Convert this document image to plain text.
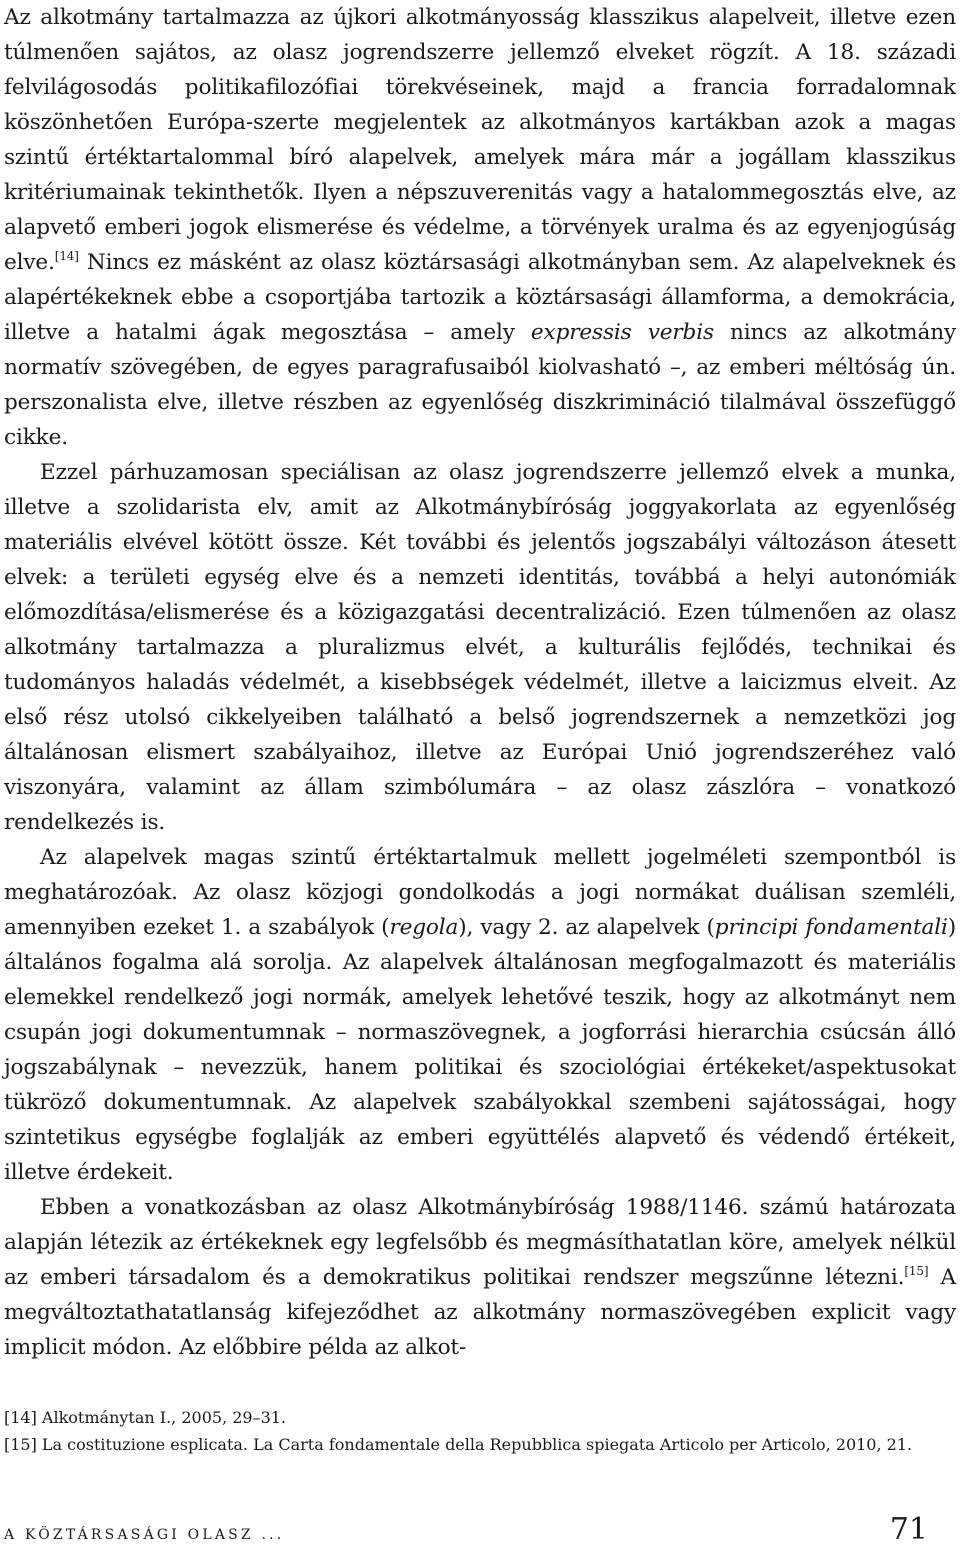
Az alkotmány tartalmazza az újkori alkotmányosság klasszikus alapelveit, illetve ezen túlmenően sajátos, az olasz jogrendszerre jellemző elveket rögzít. A 18. századi felvilágosodás politikafilozófiai törekvéseinek, majd a francia forradalomnak köszönhetően Európa-szerte megjelentek az alkotmányos kartákban azok a magas szintű értéktartalommal bíró alapelvek, amelyek mára már a jogállam klasszikus kritériumainak tekinthetők. Ilyen a népszuverenitás vagy a hatalommegosztás elve, az alapvető emberi jogok elismerése és védelme, a törvények uralma és az egyenjogúság elve.[14] Nincs ez másként az olasz köztársasági alkotmányban sem. Az alapelveknek és alapértékeknek ebbe a csoportjába tartozik a köztársasági államforma, a demokrácia, illetve a hatalmi ágak megosztása – amely expressis verbis nincs az alkotmány normatív szövegében, de egyes paragrafusaiból kiolvasható –, az emberi méltóság ún. perszonalista elve, illetve részben az egyenlőség diszkrimináció tilalmával összefüggő cikke.

Ezzel párhuzamosan speciálisan az olasz jogrendszerre jellemző elvek a munka, illetve a szolidarista elv, amit az Alkotmánybíróság joggyakorlata az egyenlőség materiális elvével kötött össze. Két további és jelentős jogszabályi változáson átesett elvek: a területi egység elve és a nemzeti identitás, továbbá a helyi autonómiák előmozdítása/elismerése és a közigazgatási decentralizáció. Ezen túlmenően az olasz alkotmány tartalmazza a pluralizmus elvét, a kulturális fejlődés, technikai és tudományos haladás védelmét, a kisebbségek védelmét, illetve a laicizmus elveit. Az első rész utolsó cikkelyeiben található a belső jogrendszernek a nemzetközi jog általánosan elismert szabályaihoz, illetve az Európai Unió jogrendszeréhez való viszonyára, valamint az állam szimbólumára – az olasz zászlóra – vonatkozó rendelkezés is.

Az alapelvek magas szintű értéktartalmuk mellett jogelméleti szempontból is meghatározóak. Az olasz közjogi gondolkodás a jogi normákat duálisan szemléli, amennyiben ezeket 1. a szabályok (regola), vagy 2. az alapelvek (principi fondamentali) általános fogalma alá sorolja. Az alapelvek általánosan megfogalmazott és materiális elemekkel rendelkező jogi normák, amelyek lehetővé teszik, hogy az alkotmányt nem csupán jogi dokumentumnak – normaszövegnek, a jogforrási hierarchia csúcsán álló jogszabálynak – nevezzük, hanem politikai és szociológiai értékeket/aspektusokat tükröző dokumentumnak. Az alapelvek szabályokkal szembeni sajátosságai, hogy szintetikus egységbe foglalják az emberi együttélés alapvető és védendő értékeit, illetve érdekeit.

Ebben a vonatkozásban az olasz Alkotmánybíróság 1988/1146. számú határozata alapján létezik az értékeknek egy legfelsőbb és megmásíthatatlan köre, amelyek nélkül az emberi társadalom és a demokratikus politikai rendszer megszűnne létezni.[15] A megváltoztathatatlanság kifejeződhet az alkotmány normaszövegében explicit vagy implicit módon. Az előbbire példa az alkot-

[14] Alkotmánytan I., 2005, 29–31.

[15] La costituzione esplicata. La Carta fondamentale della Repubblica spiegata Articolo per Articolo, 2010, 21.

A KÖZTÁRSASÁGI OLASZ ...	71
